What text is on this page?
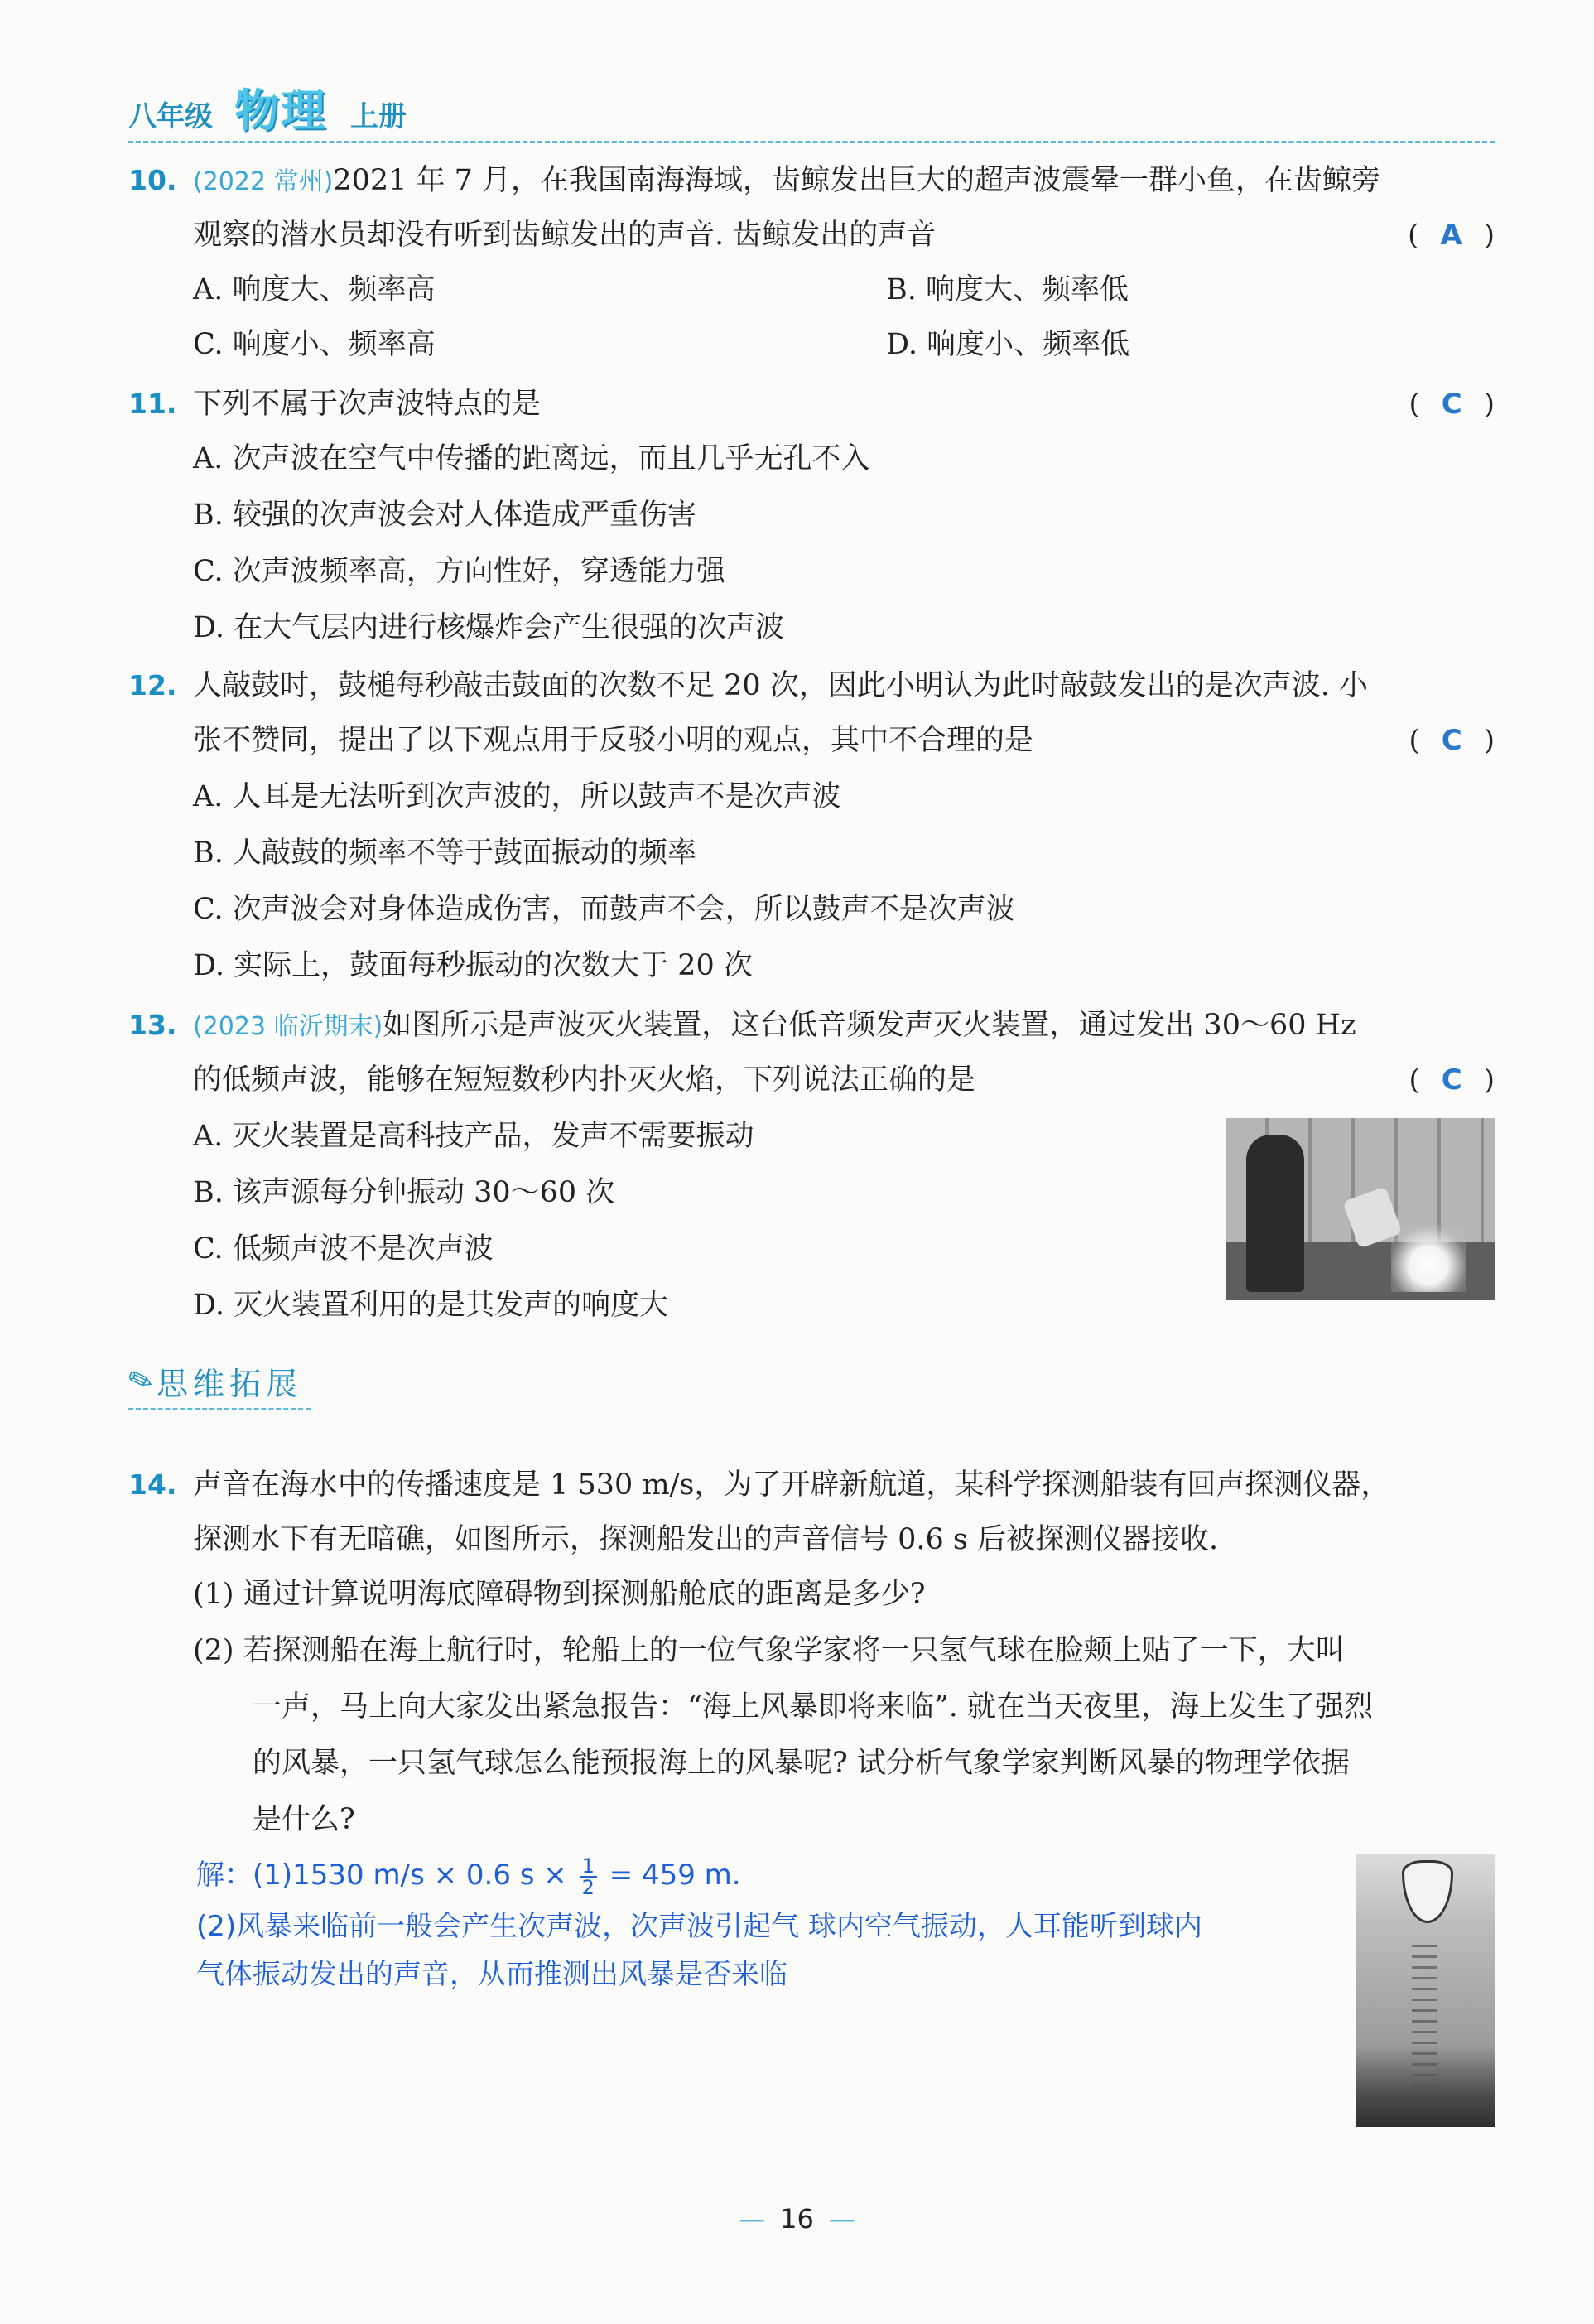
八年级 物理 上册
10. (2022 常州)2021 年 7 月，在我国南海海域，齿鲸发出巨大的超声波震晕一群小鱼，在齿鲸旁
观察的潜水员却没有听到齿鲸发出的声音. 齿鲸发出的声音	( A )
A. 响度大、频率高	B. 响度大、频率低
C. 响度小、频率高	D. 响度小、频率低
11. 下列不属于次声波特点的是	( C )
A. 次声波在空气中传播的距离远，而且几乎无孔不入
B. 较强的次声波会对人体造成严重伤害
C. 次声波频率高，方向性好，穿透能力强
D. 在大气层内进行核爆炸会产生很强的次声波
12. 人敲鼓时，鼓槌每秒敲击鼓面的次数不足 20 次，因此小明认为此时敲鼓发出的是次声波. 小
张不赞同，提出了以下观点用于反驳小明的观点，其中不合理的是	( C )
A. 人耳是无法听到次声波的，所以鼓声不是次声波
B. 人敲鼓的频率不等于鼓面振动的频率
C. 次声波会对身体造成伤害，而鼓声不会，所以鼓声不是次声波
D. 实际上，鼓面每秒振动的次数大于 20 次
13. (2023 临沂期末)如图所示是声波灭火装置，这台低音频发声灭火装置，通过发出 30～60 Hz
的低频声波，能够在短短数秒内扑灭火焰，下列说法正确的是	( C )
A. 灭火装置是高科技产品，发声不需要振动
B. 该声源每分钟振动 30～60 次
C. 低频声波不是次声波
D. 灭火装置利用的是其发声的响度大
✎思维拓展
14. 声音在海水中的传播速度是 1 530 m/s，为了开辟新航道，某科学探测船装有回声探测仪器，
探测水下有无暗礁，如图所示，探测船发出的声音信号 0.6 s 后被探测仪器接收.
(1) 通过计算说明海底障碍物到探测船舱底的距离是多少?
(2) 若探测船在海上航行时，轮船上的一位气象学家将一只氢气球在脸颊上贴了一下，大叫
一声，马上向大家发出紧急报告：“海上风暴即将来临”. 就在当天夜里，海上发生了强烈
的风暴，一只氢气球怎么能预报海上的风暴呢? 试分析气象学家判断风暴的物理学依据
是什么?
解：(1)1530 m/s × 0.6 $s \times \frac{1}{2} = 459$ m.
(2)风暴来临前一般会产生次声波，次声波引起气 球内空气振动，人耳能听到球内
气体振动发出的声音，从而推测出风暴是否来临
— 16 —
